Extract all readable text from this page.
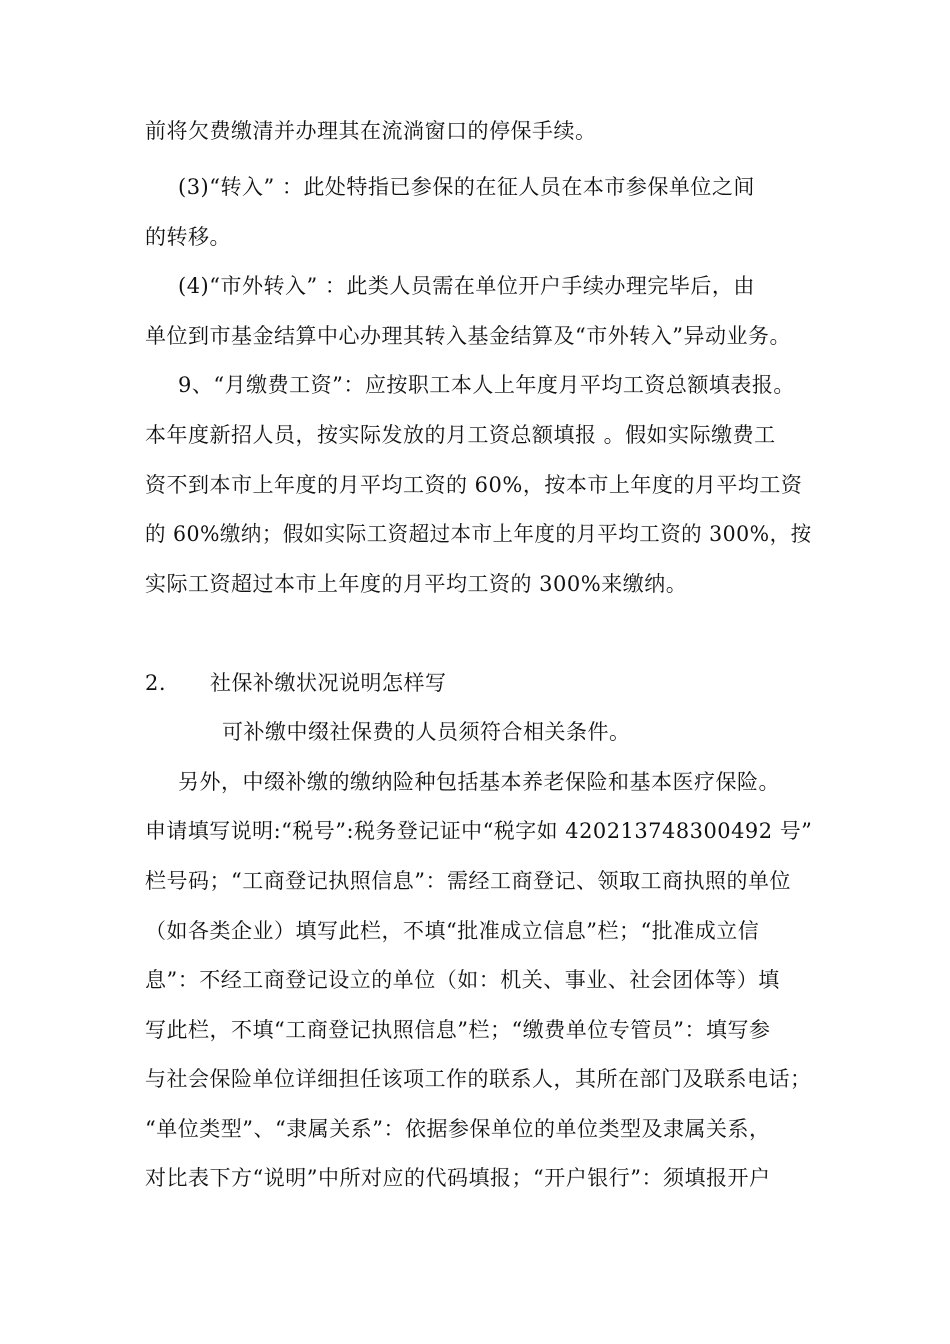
前将欠费缴清并办理其在流淌窗口的停保手续。
(3)“转入” ：此处特指已参保的在征人员在本市参保单位之间
的转移。
(4)“市外转入” ：此类人员需在单位开户手续办理完毕后，由
单位到市基金结算中心办理其转入基金结算及“市外转入”异动业务。
9、“月缴费工资”：应按职工本人上年度月平均工资总额填表报。
本年度新招人员，按实际发放的月工资总额填报 。假如实际缴费工
资不到本市上年度的月平均工资的 60%，按本市上年度的月平均工资
的 60%缴纳；假如实际工资超过本市上年度的月平均工资的 300%，按
实际工资超过本市上年度的月平均工资的 300%来缴纳。
2. 社保补缴状况说明怎样写
可补缴中缀社保费的人员须符合相关条件。
另外，中缀补缴的缴纳险种包括基本养老保险和基本医疗保险。
申请填写说明:“税号”:税务登记证中“税字如 420213748300492 号”
栏号码；“工商登记执照信息”：需经工商登记、领取工商执照的单位
（如各类企业）填写此栏，不填“批准成立信息”栏；“批准成立信
息”：不经工商登记设立的单位（如：机关、事业、社会团体等）填
写此栏，不填“工商登记执照信息”栏；“缴费单位专管员”：填写参
与社会保险单位详细担任该项工作的联系人，其所在部门及联系电话；
“单位类型”、“隶属关系”：依据参保单位的单位类型及隶属关系，
对比表下方“说明”中所对应的代码填报；“开户银行”：须填报开户
